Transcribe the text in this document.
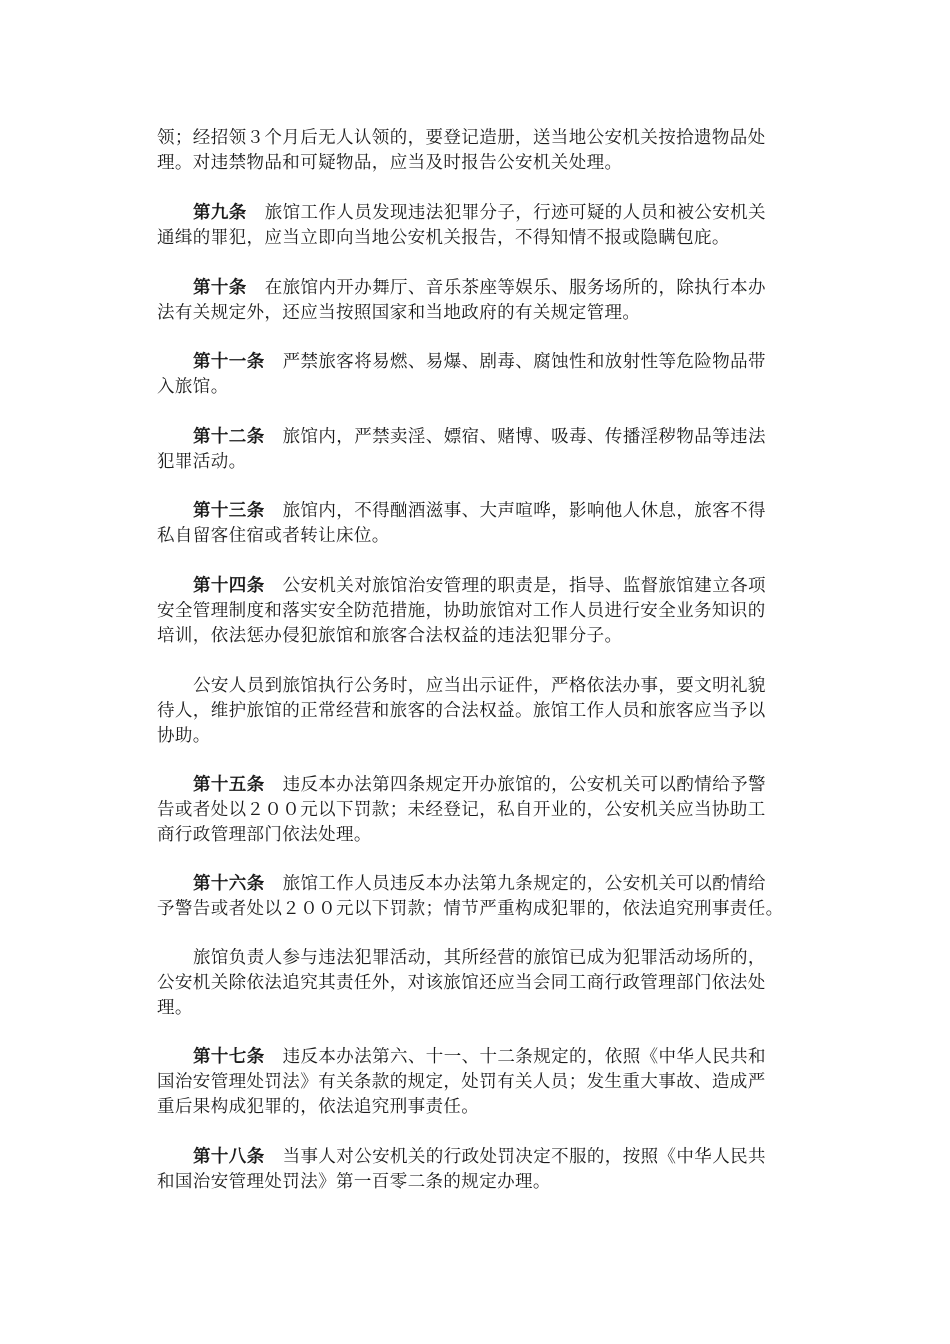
领；经招领３个月后无人认领的，要登记造册，送当地公安机关按拾遗物品处
理。对违禁物品和可疑物品，应当及时报告公安机关处理。
第九条 旅馆工作人员发现违法犯罪分子，行迹可疑的人员和被公安机关
通缉的罪犯，应当立即向当地公安机关报告，不得知情不报或隐瞒包庇。
第十条 在旅馆内开办舞厅、音乐茶座等娱乐、服务场所的，除执行本办
法有关规定外，还应当按照国家和当地政府的有关规定管理。
第十一条 严禁旅客将易燃、易爆、剧毒、腐蚀性和放射性等危险物品带
入旅馆。
第十二条 旅馆内，严禁卖淫、嫖宿、赌博、吸毒、传播淫秽物品等违法
犯罪活动。
第十三条 旅馆内，不得酗酒滋事、大声喧哗，影响他人休息，旅客不得
私自留客住宿或者转让床位。
第十四条 公安机关对旅馆治安管理的职责是，指导、监督旅馆建立各项
安全管理制度和落实安全防范措施，协助旅馆对工作人员进行安全业务知识的
培训，依法惩办侵犯旅馆和旅客合法权益的违法犯罪分子。
公安人员到旅馆执行公务时，应当出示证件，严格依法办事，要文明礼貌
待人，维护旅馆的正常经营和旅客的合法权益。旅馆工作人员和旅客应当予以
协助。
第十五条 违反本办法第四条规定开办旅馆的，公安机关可以酌情给予警
告或者处以２００元以下罚款；未经登记，私自开业的，公安机关应当协助工
商行政管理部门依法处理。
第十六条 旅馆工作人员违反本办法第九条规定的，公安机关可以酌情给
予警告或者处以２００元以下罚款；情节严重构成犯罪的，依法追究刑事责任。
旅馆负责人参与违法犯罪活动，其所经营的旅馆已成为犯罪活动场所的，
公安机关除依法追究其责任外，对该旅馆还应当会同工商行政管理部门依法处
理。
第十七条 违反本办法第六、十一、十二条规定的，依照《中华人民共和
国治安管理处罚法》有关条款的规定，处罚有关人员；发生重大事故、造成严
重后果构成犯罪的，依法追究刑事责任。
第十八条 当事人对公安机关的行政处罚决定不服的，按照《中华人民共
和国治安管理处罚法》第一百零二条的规定办理。
